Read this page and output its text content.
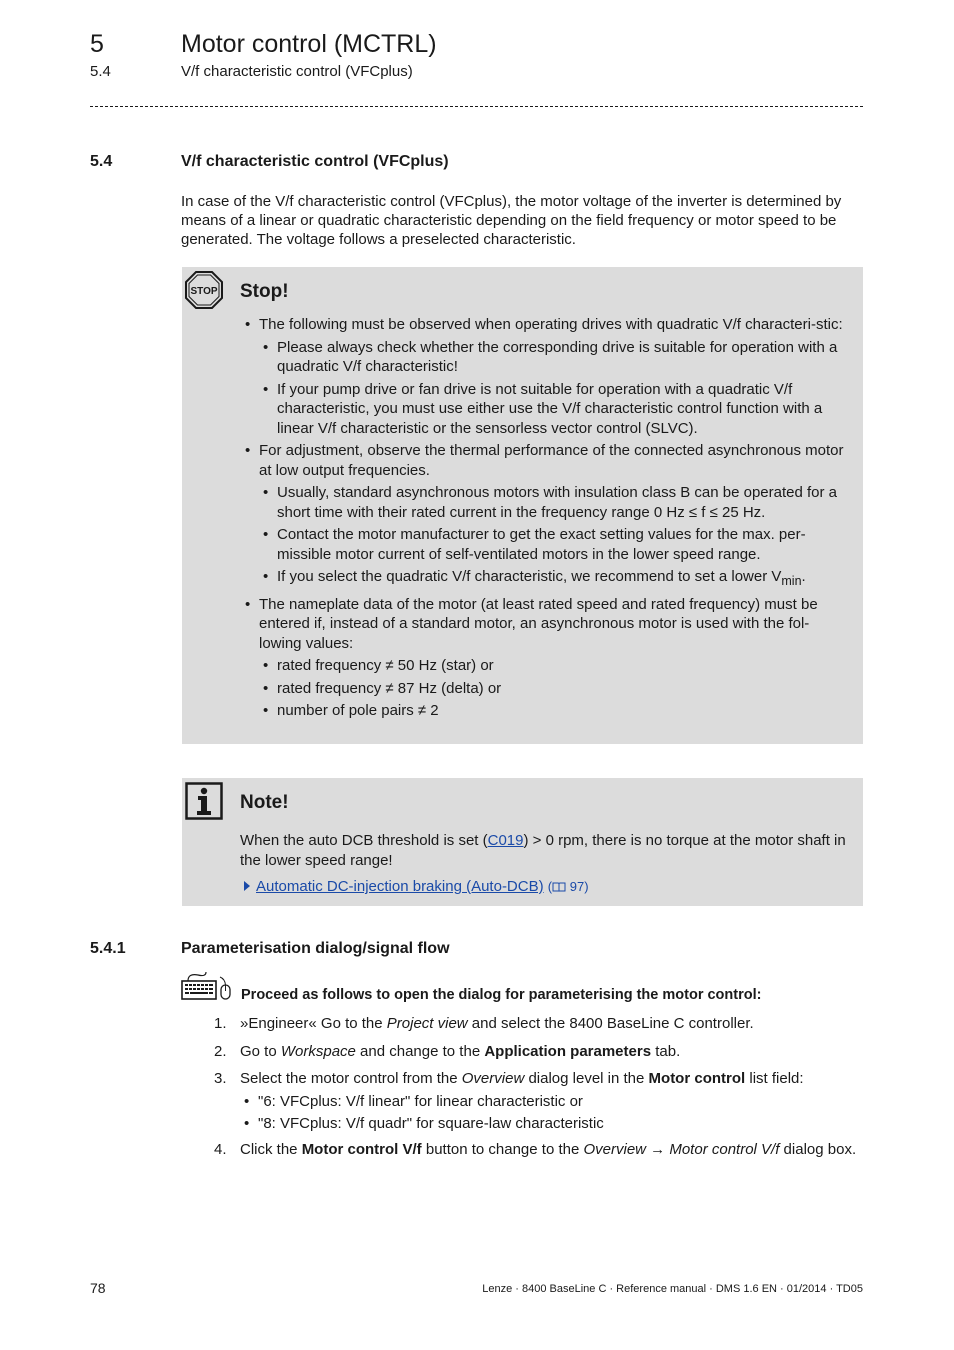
5	Motor control (MCTRL)
5.4	V/f characteristic control (VFCplus)
5.4	V/f characteristic control (VFCplus)
In case of the V/f characteristic control (VFCplus), the motor voltage of the inverter is determined by means of a linear or quadratic characteristic depending on the field frequency or motor speed to be generated. The voltage follows a preselected characteristic.
STOP Stop!
• The following must be observed when operating drives with quadratic V/f characteri-stic:
• Please always check whether the corresponding drive is suitable for operation with a quadratic V/f characteristic!
• If your pump drive or fan drive is not suitable for operation with a quadratic V/f characteristic, you must use either use the V/f characteristic control function with a linear V/f characteristic or the sensorless vector control (SLVC).
• For adjustment, observe the thermal performance of the connected asynchronous motor at low output frequencies.
• Usually, standard asynchronous motors with insulation class B can be operated for a short time with their rated current in the frequency range 0 Hz ≤ f ≤ 25 Hz.
• Contact the motor manufacturer to get the exact setting values for the max. per-missible motor current of self-ventilated motors in the lower speed range.
• If you select the quadratic V/f characteristic, we recommend to set a lower $V_{min}$.
• The nameplate data of the motor (at least rated speed and rated frequency) must be entered if, instead of a standard motor, an asynchronous motor is used with the fol-lowing values:
• rated frequency ≠ 50 Hz (star) or
• rated frequency ≠ 87 Hz (delta) or
• number of pole pairs ≠ 2
Note!
When the auto DCB threshold is set (C019) > 0 rpm, there is no torque at the motor shaft in the lower speed range!
Automatic DC-injection braking (Auto-DCB) ( 97)
5.4.1	Parameterisation dialog/signal flow
Proceed as follows to open the dialog for parameterising the motor control:
1. »Engineer« Go to the Project view and select the 8400 BaseLine C controller.
2. Go to Workspace and change to the Application parameters tab.
3. Select the motor control from the Overview dialog level in the Motor control list field:
• "6: VFCplus: V/f linear" for linear characteristic or
• "8: VFCplus: V/f quadr" for square-law characteristic
4. Click the Motor control V/f button to change to the Overview → Motor control V/f dialog box.
78	Lenze · 8400 BaseLine C · Reference manual · DMS 1.6 EN · 01/2014 · TD05
